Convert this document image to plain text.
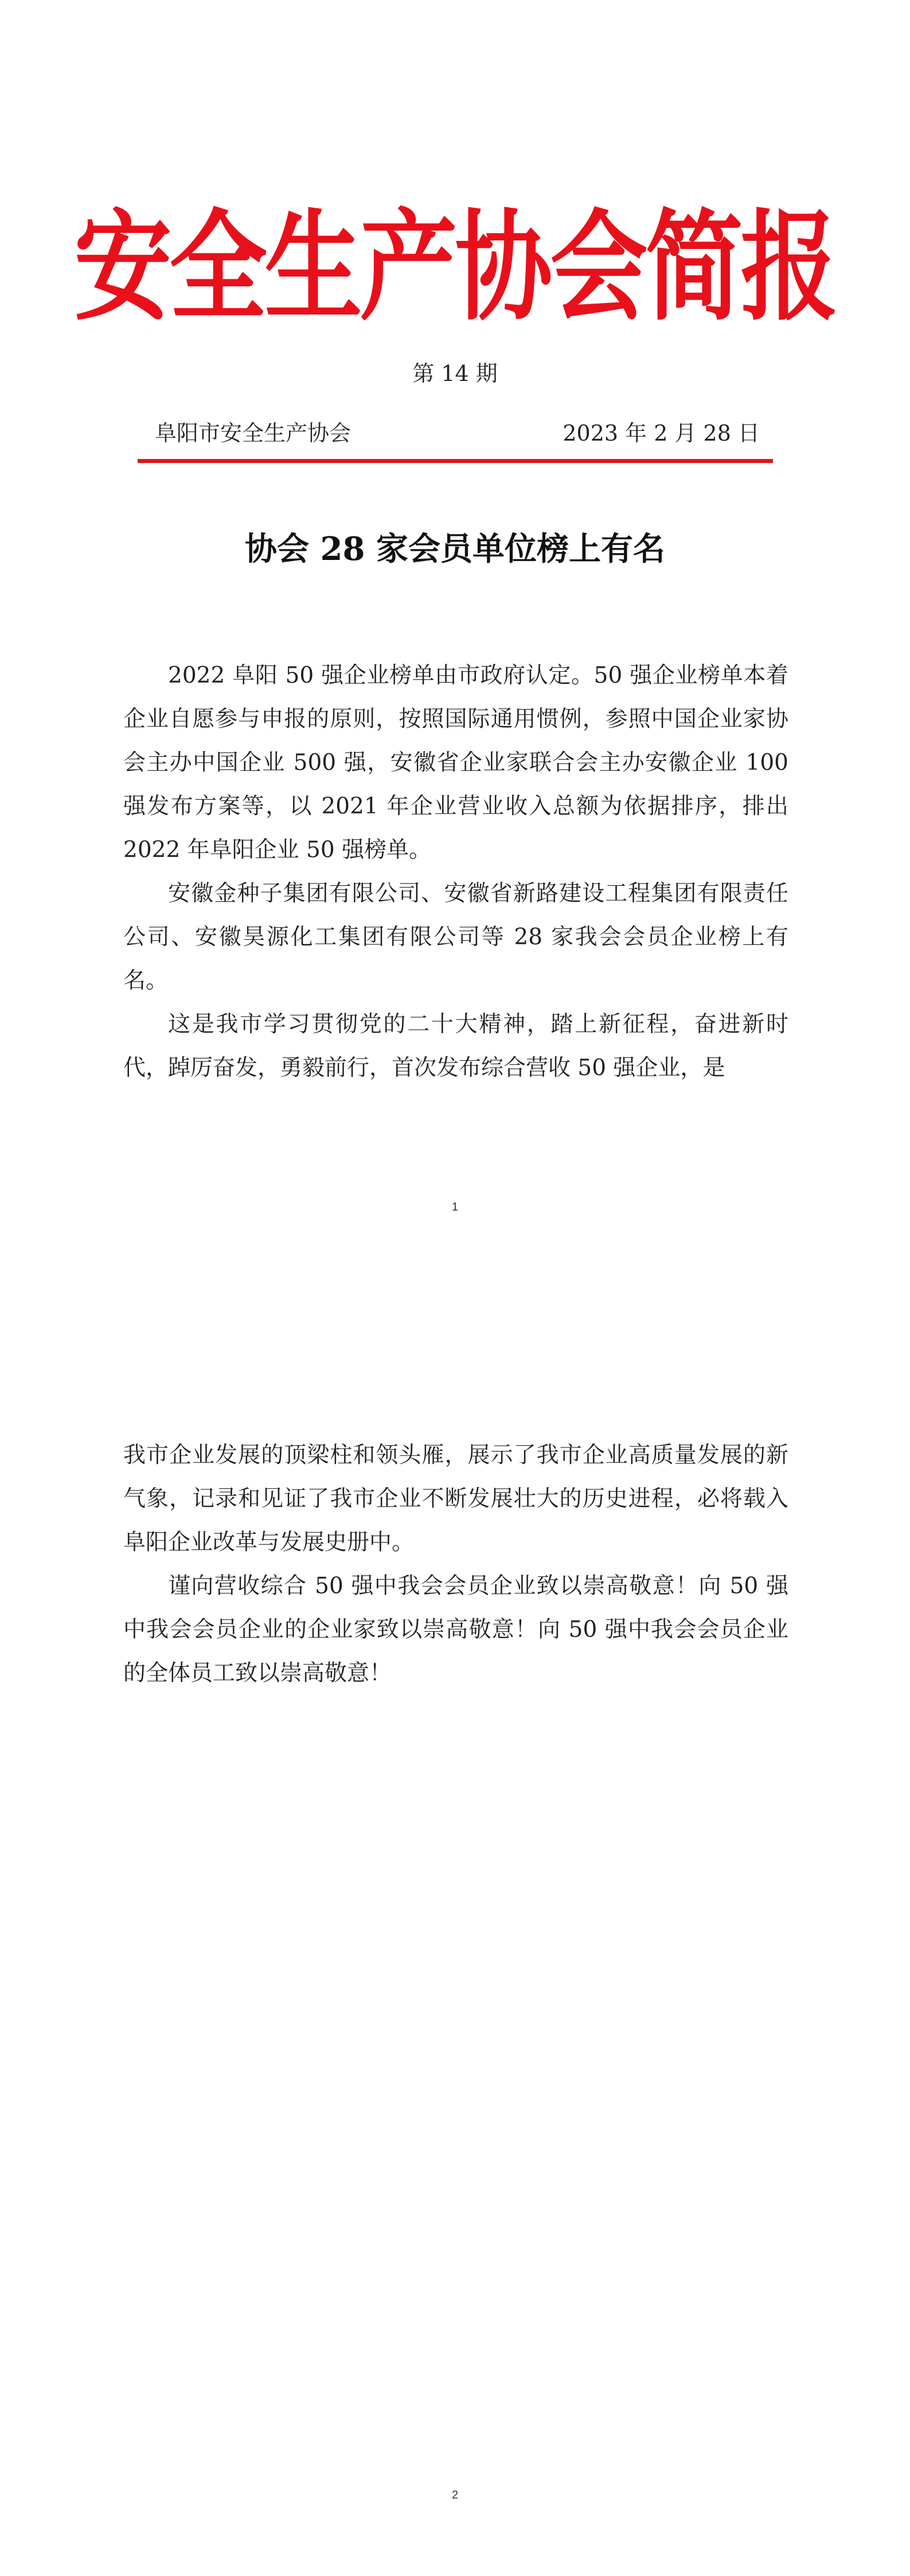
安全生产协会简报
第 14 期
阜阳市安全生产协会	2023 年 2 月 28 日
协会 28 家会员单位榜上有名

2022 阜阳 50 强企业榜单由市政府认定。50 强企业榜单本着企业自愿参与申报的原则，按照国际通用惯例，参照中国企业家协会主办中国企业 500 强，安徽省企业家联合会主办安徽企业 100 强发布方案等，以 2021 年企业营业收入总额为依据排序，排出 2022 年阜阳企业 50 强榜单。

安徽金种子集团有限公司、安徽省新路建设工程集团有限责任公司、安徽昊源化工集团有限公司等 28 家我会会员企业榜上有名。

这是我市学习贯彻党的二十大精神，踏上新征程，奋进新时代，踔厉奋发，勇毅前行，首次发布综合营收 50 强企业，是

1

我市企业发展的顶梁柱和领头雁，展示了我市企业高质量发展的新气象，记录和见证了我市企业不断发展壮大的历史进程，必将载入阜阳企业改革与发展史册中。

谨向营收综合 50 强中我会会员企业致以崇高敬意！向 50 强中我会会员企业的企业家致以崇高敬意！向 50 强中我会会员企业的全体员工致以崇高敬意！

2
